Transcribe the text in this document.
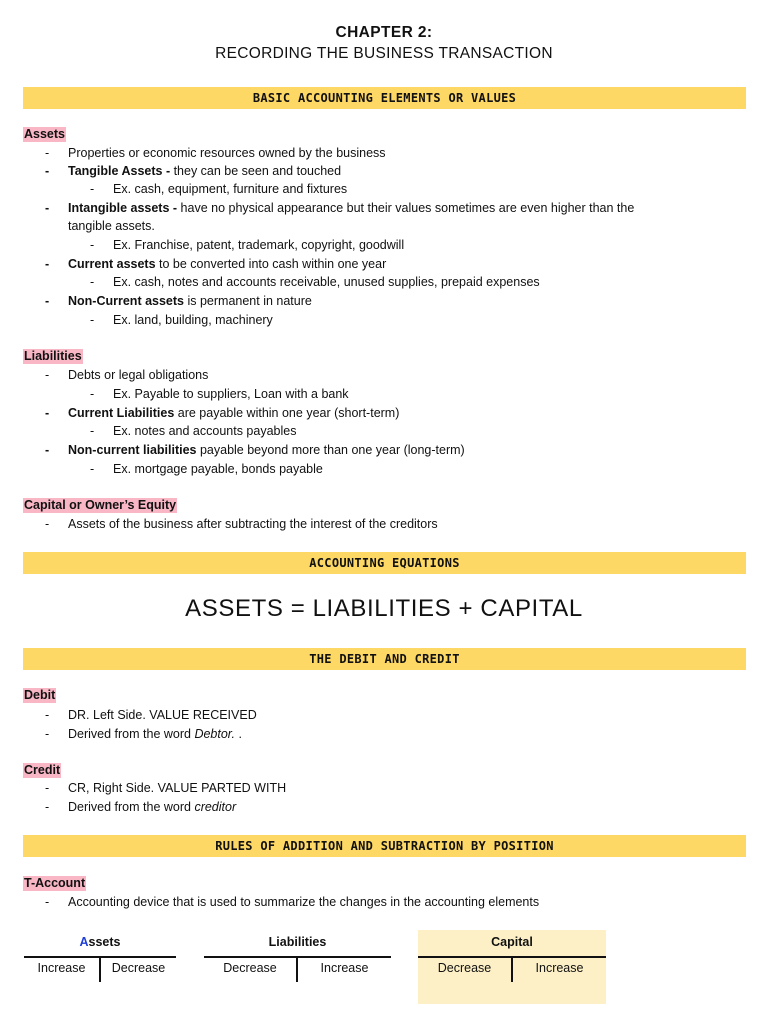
CHAPTER 2:
RECORDING THE BUSINESS TRANSACTION
BASIC ACCOUNTING ELEMENTS OR VALUES
Assets
- Properties or economic resources owned by the business
- Tangible Assets - they can be seen and touched
- Ex. cash, equipment, furniture and fixtures
- Intangible assets - have no physical appearance but their values sometimes are even higher than the
tangible assets.
- Ex. Franchise, patent, trademark, copyright, goodwill
- Current assets to be converted into cash within one year
- Ex. cash, notes and accounts receivable, unused supplies, prepaid expenses
- Non-Current assets is permanent in nature
- Ex. land, building, machinery
Liabilities
- Debts or legal obligations
- Ex. Payable to suppliers, Loan with a bank
- Current Liabilities are payable within one year (short-term)
- Ex. notes and accounts payables
- Non-current liabilities payable beyond more than one year (long-term)
- Ex. mortgage payable, bonds payable
Capital or Owner’s Equity
- Assets of the business after subtracting the interest of the creditors
ACCOUNTING EQUATIONS
ASSETS = LIABILITIES + CAPITAL
THE DEBIT AND CREDIT
Debit
- DR. Left Side. VALUE RECEIVED
- Derived from the word Debtor. .
Credit
- CR, Right Side. VALUE PARTED WITH
- Derived from the word creditor
RULES OF ADDITION AND SUBTRACTION BY POSITION
T-Account
- Accounting device that is used to summarize the changes in the accounting elements
Assets
Increase	Decrease
Liabilities
Decrease	Increase
Capital
Decrease	Increase
